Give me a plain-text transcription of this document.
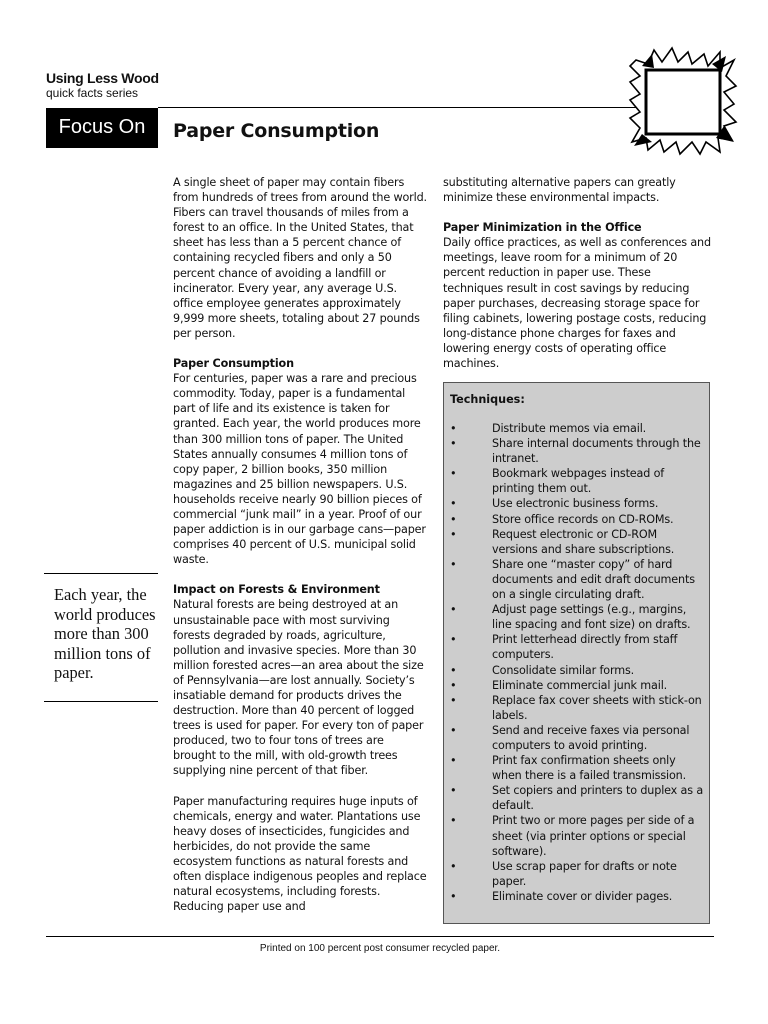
Using Less Wood
quick facts series
Focus On	Paper Consumption

A single sheet of paper may contain fibers from hundreds of trees from around the world. Fibers can travel thousands of miles from a forest to an office. In the United States, that sheet has less than a 5 percent chance of containing recycled fibers and only a 50 percent chance of avoiding a landfill or incinerator. Every year, any average U.S. office employee generates approximately 9,999 more sheets, totaling about 27 pounds per person.

Paper Consumption

For centuries, paper was a rare and precious commodity. Today, paper is a fundamental part of life and its existence is taken for granted. Each year, the world produces more than 300 million tons of paper. The United States annually consumes 4 million tons of copy paper, 2 billion books, 350 million magazines and 25 billion newspapers. U.S. households receive nearly 90 billion pieces of commercial “junk mail” in a year. Proof of our paper addiction is in our garbage cans—paper comprises 40 percent of U.S. municipal solid waste.

Impact on Forests & Environment

Natural forests are being destroyed at an unsustainable pace with most surviving forests degraded by roads, agriculture, pollution and invasive species. More than 30 million forested acres—an area about the size of Pennsylvania—are lost annually. Society’s insatiable demand for products drives the destruction. More than 40 percent of logged trees is used for paper. For every ton of paper produced, two to four tons of trees are brought to the mill, with old-growth trees supplying nine percent of that fiber.

Paper manufacturing requires huge inputs of chemicals, energy and water. Plantations use heavy doses of insecticides, fungicides and herbicides, do not provide the same ecosystem functions as natural forests and often displace indigenous peoples and replace natural ecosystems, including forests. Reducing paper use and

substituting alternative papers can greatly minimize these environmental impacts.

Paper Minimization in the Office

Daily office practices, as well as conferences and meetings, leave room for a minimum of 20 percent reduction in paper use. These techniques result in cost savings by reducing paper purchases, decreasing storage space for filing cabinets, lowering postage costs, reducing long-distance phone charges for faxes and lowering energy costs of operating office machines.

Each year, the world produces more than 300 million tons of paper.
Techniques:
•	Distribute memos via email.
•	Share internal documents through the intranet.
•	Bookmark webpages instead of printing them out.
•	Use electronic business forms.
•	Store office records on CD-ROMs.
•	Request electronic or CD-ROM versions and share subscriptions.
•	Share one “master copy” of hard documents and edit draft documents on a single circulating draft.
•	Adjust page settings (e.g., margins, line spacing and font size) on drafts.
•	Print letterhead directly from staff computers.
•	Consolidate similar forms.
•	Eliminate commercial junk mail.
•	Replace fax cover sheets with stick-on labels.
•	Send and receive faxes via personal computers to avoid printing.
•	Print fax confirmation sheets only when there is a failed transmission.
•	Set copiers and printers to duplex as a default.
•	Print two or more pages per side of a sheet (via printer options or special software).
•	Use scrap paper for drafts or note paper.
•	Eliminate cover or divider pages.
Printed on 100 percent post consumer recycled paper.
